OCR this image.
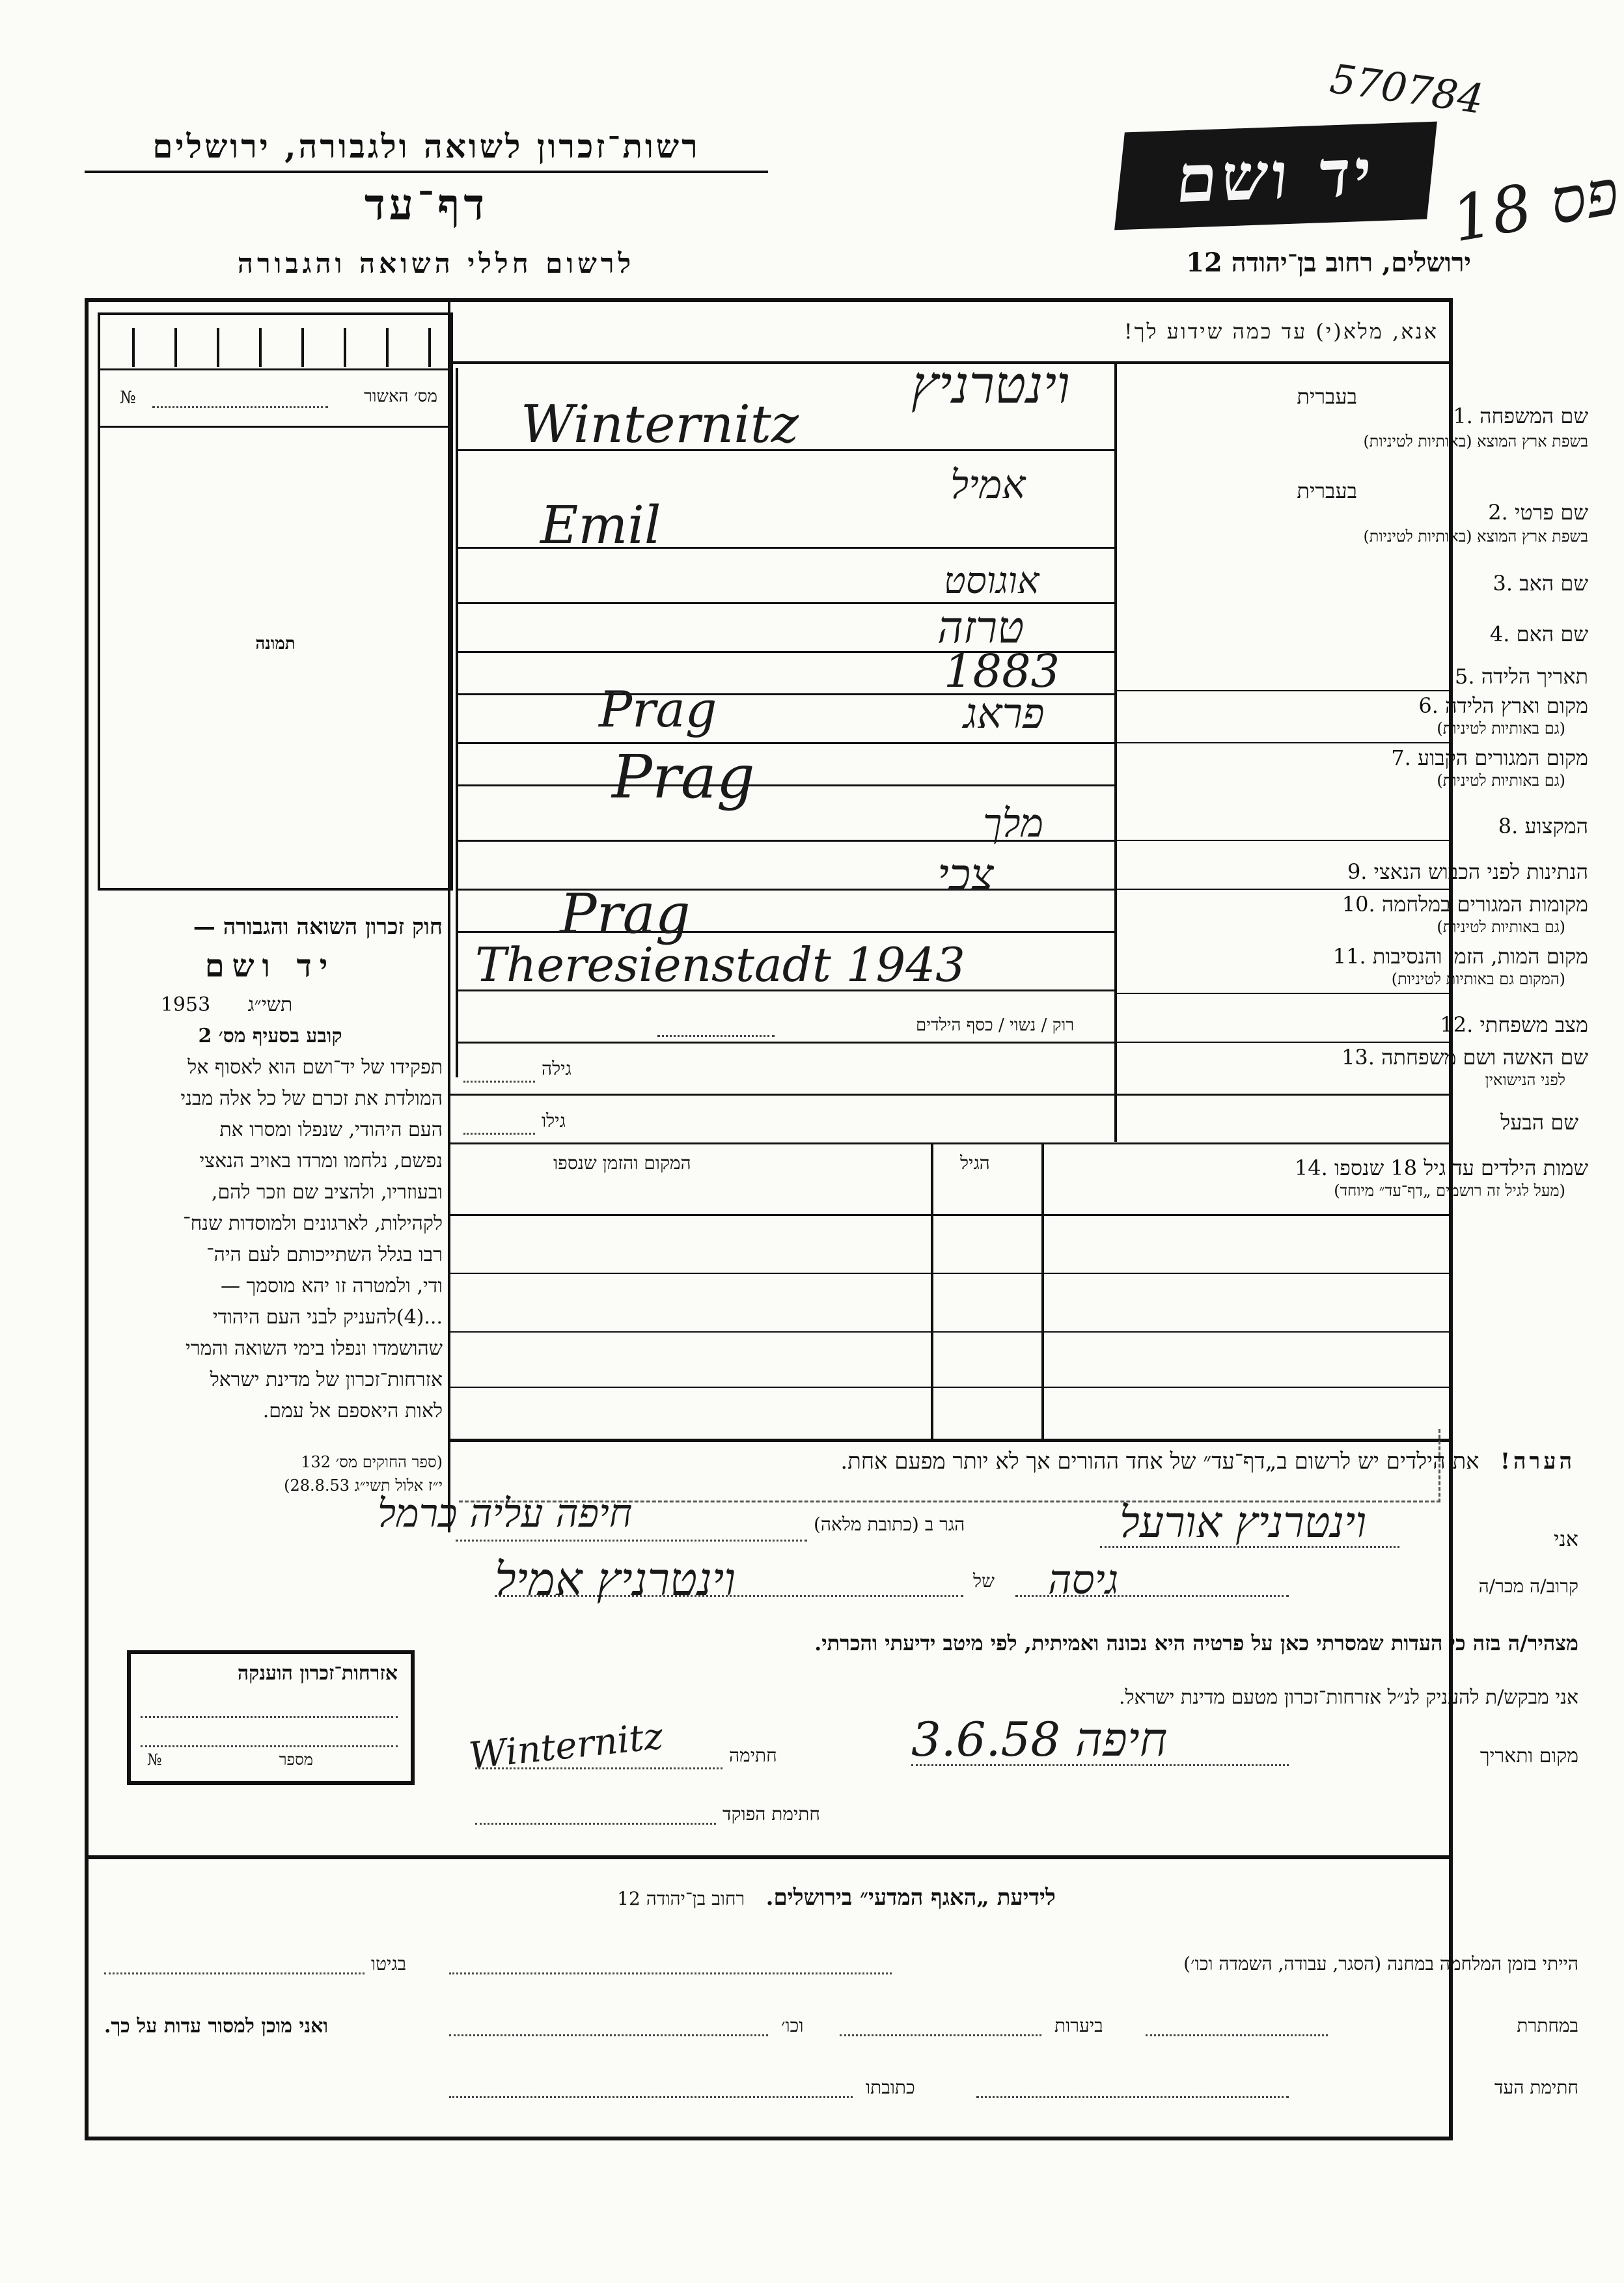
570784
רשות־זכרון לשואה ולגבורה, ירושלים
דף־עד
לרשום חללי השואה והגבורה
יד ושם
ירושלים, רחוב בן־יהודה 12
פס 18
מס׳ האשור
№
תמונה
חוק זכרון השואה והגבורה —
יד ושם
תשי״ג
1953
קובע בסעיף מס׳ 2
תפקידו של יד־ושם הוא לאסוף אל
המולדת את זכרם של כל אלה מבני
העם היהודי, שנפלו ומסרו את
נפשם, נלחמו ומרדו באויב הנאצי
ובעוזריו, ולהציב שם וזכר להם,
לקהילות, לארגונים ולמוסדות שנח־
רבו בגלל השתייכותם לעם היה־
ודי, ולמטרה זו יהא מוסמך —
...(4)להעניק לבני העם היהודי
שהושמדו ונפלו בימי השואה והמרי
אזרחות־זכרון של מדינת ישראל
לאות היאספם אל עמם.
(ספר החוקים מס׳ 132
י״ז אלול תשי״ג 28.8.53)
אזרחות־זכרון הוענקה
מספר
№
אנא, מלא(י) עד כמה שידוע לך!
בעברית
שם המשפחה .1
בשפת ארץ המוצא (באותיות לטיניות)
בעברית
שם פרטי .2
בשפת ארץ המוצא (באותיות לטיניות)
שם האב .3
שם האם .4
תאריך הלידה .5
מקום וארץ הלידה .6
(גם באותיות לטיניות)
מקום המגורים הקבוע .7
(גם באותיות לטיניות)
המקצוע .8
הנתינות לפני הכבוש הנאצי .9
מקומות המגורים במלחמה .10
(גם באותיות לטיניות)
מקום המות, הזמן והנסיבות .11
(המקום גם באותיות לטיניות)
מצב משפחתי .12
רוק / נשוי / כסף הילדים
שם האשה ושם משפחתה .13
לפני הנישואין
גילה
שם הבעל
גילו
שמות הילדים עד גיל 18 שנספו .14
(מעל לגיל זה רושמים „דף־עד״ מיוחד)
הגיל
המקום והזמן שנספו
הערה!   את הילדים יש לרשום ב„דף־עד״ של אחד ההורים אך לא יותר מפעם אחת.
אני
הגר ב (כתובת מלאה)
קרוב/ה מכר/ה
של
מצהיר/ה בזה כי העדות שמסרתי כאן על פרטיה היא נכונה ואמיתית, לפי מיטב ידיעתי והכרתי.
אני מבקש/ת להעניק לנ״ל אזרחות־זכרון מטעם מדינת ישראל.
מקום ותאריך
חתימה
חתימת הפוקד
לידיעת „האגף המדעי״ בירושלים.   רחוב בן־יהודה 12
הייתי בזמן המלחמה במחנה (הסגר, עבודה, השמדה וכו׳)
בגיטו
במחתרת
ביערות
וכו׳
ואני מוכן למסור עדות על כך.
חתימת העד
כתובתו
וינטרניץ
Winternitz
אמיל
Emil
אוגוסט
טרזה
1883
פראג
Prag
Prag
מלך
צכי
Prag
Theresienstadt 1943
וינטרניץ אורעל
חיפה עליה כרמל
גיסה
וינטרניץ אמיל
חיפה 3.6.58
Winternitz
